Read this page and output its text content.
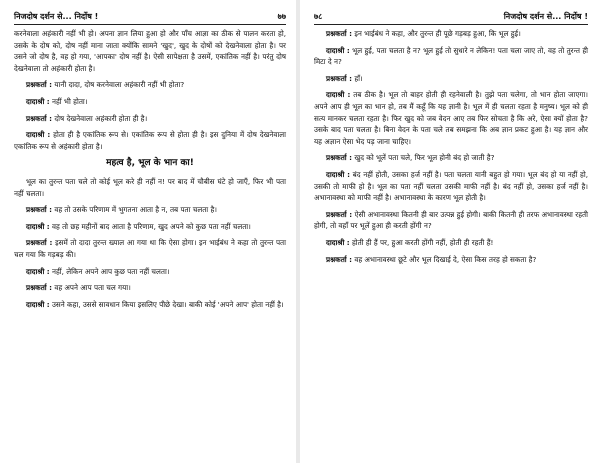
निजदोष दर्शन से... निर्दोष !	७७

करनेवाला अहंकारी नहीं भी हो। अपना ज्ञान लिया हुआ हो और पाँच आज्ञा का ठीक से पालन करता हो, उसके के दोष को, दोष नहीं माना जाता क्योंकि सामने 'खुद', खुद के दोषों को देखनेवाला होता है। पर उसने जो दोष है, वह हो गया, 'आपका' दोष नहीं है। ऐसी सापेक्षता है उसमें, एकांतिक नहीं है। परंतु दोष देखनेवाला तो अहंकारी होता है।

प्रश्नकर्ता : यानी दादा, दोष करनेवाला अहंकारी नहीं भी होता?

दादाश्री : नहीं भी होता।

प्रश्नकर्ता : दोष देखनेवाला अहंकारी होता ही है।

दादाश्री : होता ही है एकांतिक रूप से। एकांतिक रूप से होता ही है। इस दुनिया में दोष देखनेवाला एकांतिक रूप से अहंकारी होता है।

महत्व है, भूल के भान का!

भूल का तुरन्त पता चले तो कोई भूल करे ही नहीं न! पर बाद में चौबीस घंटे हो जाएँ, फिर भी पता नहीं चलता।

प्रश्नकर्ता : वह तो उसके परिणाम में भुगतना आता है न, तब पता चलता है।

दादाश्री : वह तो छह महीनों बाद आता है परिणाम, खुद अपने को कुछ पता नहीं चलता।

प्रश्नकर्ता : इसमें तो दादा तुरन्त ख्याल आ गया था कि ऐसा होगा। इन भाईबंध ने कहा तो तुरन्त पता चल गया कि गड़बड़ की।

दादाश्री : नहीं, लेकिन अपने आप कुछ पता नहीं चलता।

प्रश्नकर्ता : वह अपने आप पता चल गया।

दादाश्री : उसने कहा, उससे सावधान किया इसलिए पीछे देखा। बाकी कोई 'अपने आप' होता नहीं है।

७८	निजदोष दर्शन से... निर्दोष !

प्रश्नकर्ता : इन भाईबंध ने कहा, और तुरन्त ही पूछे गड़बड़ हुआ, कि भूल हुई।

दादाश्री : भूल हुई, पता चलता है न? भूल हुई तो सुधारे न लेकिन! पता चला जाए तो, वह तो तुरन्त ही मिटा दे न?

प्रश्नकर्ता : हाँ।

दादाश्री : तब ठीक है। भूल तो बाहर होती ही रहनेवाली है। तुझे पता चलेगा, तो भान होता जाएगा। अपने आप ही भूल का भान हो, तब मैं कहूँ कि यह ज्ञानी है। भूल में ही चलता रहता है मनुष्य। भूल को ही सत्य मानकर चलता रहता है। फिर खुद को जब वेदन आए तब फिर सोचता है कि अरे, ऐसा क्यों होता है? उसके बाद पता चलता है। बिना वेदन के पता चले तब समझना कि अब ज्ञान प्रकट हुआ है। यह ज्ञान और यह अज्ञान ऐसा भेद पड़ जाना चाहिए।

प्रश्नकर्ता : खुद को भूलें पता चले, फिर भूल होनी बंद हो जाती है?

दादाश्री : बंद नहीं होती, उसका हर्ज नहीं है। पता चलता यानी बहुत हो गया। भूल बंद हो या नहीं हो, उसकी तो माफी हो है। भूल का पता नहीं चलता उसकी माफी नहीं है। बंद नहीं हो, उसका हर्ज नहीं है। अभानावस्था को माफी नहीं है। अभानावस्था के कारण भूल होती है।

प्रश्नकर्ता : ऐसी अभानावस्था कितनी ही बार उत्पन्न हुई होगी। बाकी कितनी ही तरफ अभानावस्था रहती होगी, तो वहाँ पर भूलें हुआ ही करती होंगी न?

दादाश्री : होती ही हैं पर, हुआ करती होंगी नहीं, होती ही रहती हैं!

प्रश्नकर्ता : वह अभानावस्था छूटे और भूल दिखाई दे, ऐसा किस तरह हो सकता है?
